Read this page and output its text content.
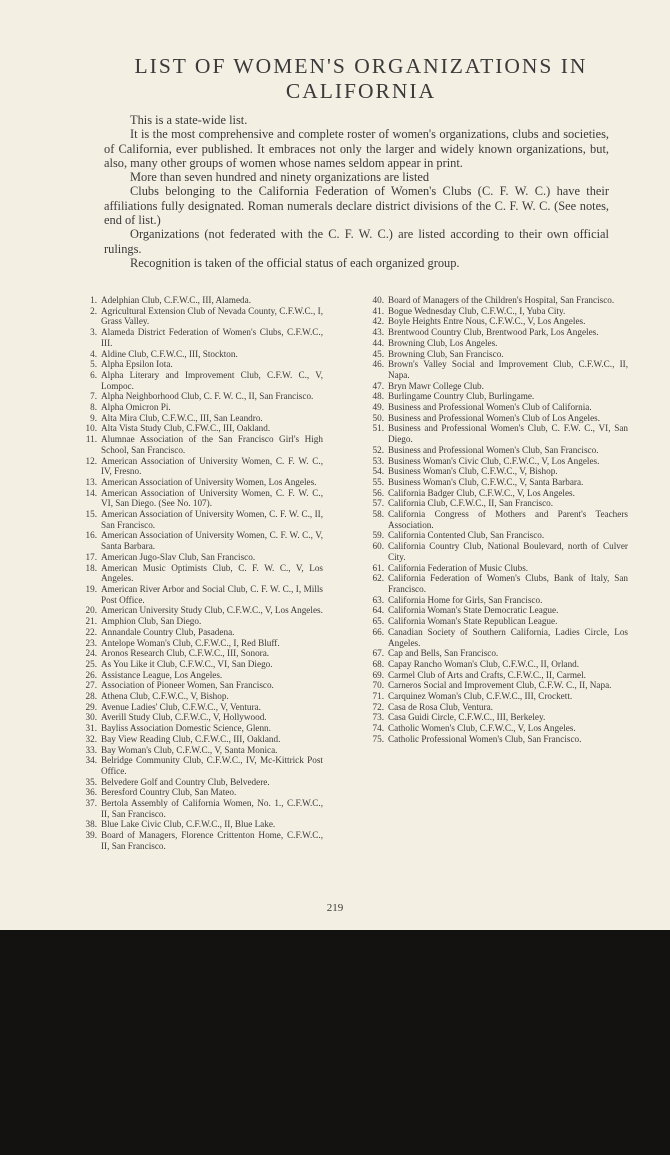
LIST OF WOMEN'S ORGANIZATIONS IN CALIFORNIA

This is a state-wide list.

It is the most comprehensive and complete roster of women's organizations, clubs and societies, of California, ever published. It embraces not only the larger and widely known organizations, but, also, many other groups of women whose names seldom appear in print.

More than seven hundred and ninety organizations are listed

Clubs belonging to the California Federation of Women's Clubs (C. F. W. C.) have their affiliations fully designated. Roman numerals declare district divisions of the C. F. W. C. (See notes, end of list.)

Organizations (not federated with the C. F. W. C.) are listed according to their own official rulings.

Recognition is taken of the official status of each organized group.

1. Adelphian Club, C.F.W.C., III, Alameda.
2. Agricultural Extension Club of Nevada County, C.F.W.C., I, Grass Valley.
3. Alameda District Federation of Women's Clubs, C.F.W.C., III.
4. Aldine Club, C.F.W.C., III, Stockton.
5. Alpha Epsilon Iota.
6. Alpha Literary and Improvement Club, C.F.W. C., V, Lompoc.
7. Alpha Neighborhood Club, C. F. W. C., II, San Francisco.
8. Alpha Omicron Pi.
9. Alta Mira Club, C.F.W.C., III, San Leandro.
10. Alta Vista Study Club, C.FW.C., III, Oakland.
11. Alumnae Association of the San Francisco Girl's High School, San Francisco.
12. American Association of University Women, C. F. W. C., IV, Fresno.
13. American Association of University Women, Los Angeles.
14. American Association of University Women, C. F. W. C., VI, San Diego. (See No. 107).
15. American Association of University Women, C. F. W. C., II, San Francisco.
16. American Association of University Women, C. F. W. C., V, Santa Barbara.
17. American Jugo-Slav Club, San Francisco.
18. American Music Optimists Club, C. F. W. C., V, Los Angeles.
19. American River Arbor and Social Club, C. F. W. C., I, Mills Post Office.
20. American University Study Club, C.F.W.C., V, Los Angeles.
21. Amphion Club, San Diego.
22. Annandale Country Club, Pasadena.
23. Antelope Woman's Club, C.F.W.C., I, Red Bluff.
24. Aronos Research Club, C.F.W.C., III, Sonora.
25. As You Like it Club, C.F.W.C., VI, San Diego.
26. Assistance League, Los Angeles.
27. Association of Pioneer Women, San Francisco.
28. Athena Club, C.F.W.C., V, Bishop.
29. Avenue Ladies' Club, C.F.W.C., V, Ventura.
30. Averill Study Club, C.F.W.C., V, Hollywood.
31. Bayliss Association Domestic Science, Glenn.
32. Bay View Reading Club, C.F.W.C., III, Oakland.
33. Bay Woman's Club, C.F.W.C., V, Santa Monica.
34. Belridge Community Club, C.F.W.C., IV, Mc-Kittrick Post Office.
35. Belvedere Golf and Country Club, Belvedere.
36. Beresford Country Club, San Mateo.
37. Bertola Assembly of California Women, No. 1., C.F.W.C., II, San Francisco.
38. Blue Lake Civic Club, C.F.W.C., II, Blue Lake.
39. Board of Managers, Florence Crittenton Home, C.F.W.C., II, San Francisco.
40. Board of Managers of the Children's Hospital, San Francisco.
41. Bogue Wednesday Club, C.F.W.C., I, Yuba City.
42. Boyle Heights Entre Nous, C.F.W.C., V, Los Angeles.
43. Brentwood Country Club, Brentwood Park, Los Angeles.
44. Browning Club, Los Angeles.
45. Browning Club, San Francisco.
46. Brown's Valley Social and Improvement Club, C.F.W.C., II, Napa.
47. Bryn Mawr College Club.
48. Burlingame Country Club, Burlingame.
49. Business and Professional Women's Club of California.
50. Business and Professional Women's Club of Los Angeles.
51. Business and Professional Women's Club, C. F.W. C., VI, San Diego.
52. Business and Professional Women's Club, San Francisco.
53. Business Woman's Civic Club, C.F.W.C., V, Los Angeles.
54. Business Woman's Club, C.F.W.C., V, Bishop.
55. Business Woman's Club, C.F.W.C., V, Santa Barbara.
56. California Badger Club, C.F.W.C., V, Los Angeles.
57. California Club, C.F.W.C., II, San Francisco.
58. California Congress of Mothers and Parent's Teachers Association.
59. California Contented Club, San Francisco.
60. California Country Club, National Boulevard, north of Culver City.
61. California Federation of Music Clubs.
62. California Federation of Women's Clubs, Bank of Italy, San Francisco.
63. California Home for Girls, San Francisco.
64. California Woman's State Democratic League.
65. California Woman's State Republican League.
66. Canadian Society of Southern California, Ladies Circle, Los Angeles.
67. Cap and Bells, San Francisco.
68. Capay Rancho Woman's Club, C.F.W.C., II, Orland.
69. Carmel Club of Arts and Crafts, C.F.W.C., II, Carmel.
70. Carneros Social and Improvement Club, C.F.W. C., II, Napa.
71. Carquinez Woman's Club, C.F.W.C., III, Crockett.
72. Casa de Rosa Club, Ventura.
73. Casa Guidi Circle, C.F.W.C., III, Berkeley.
74. Catholic Women's Club, C.F.W.C., V, Los Angeles.
75. Catholic Professional Women's Club, San Francisco.
219
